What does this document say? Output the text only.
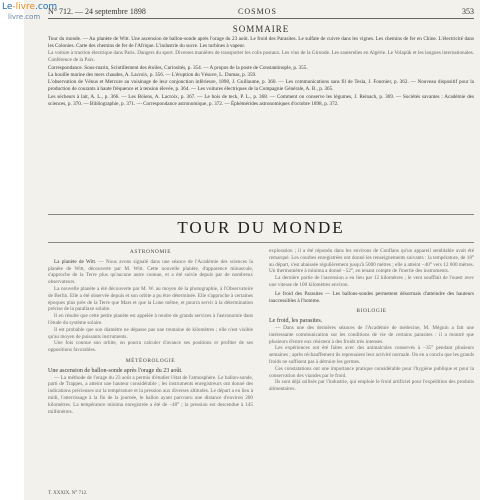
Le-livre.com
livre.com
N° 712. — 24 septembre 1898	COSMOS	353
SOMMAIRE

Tour du monde. — Au planète de Witt. Une ascension de ballon-sonde après l'orage du 23 août. Le froid des Parasites. Le sulfate de cuivre dans les vignes. Les chemins de fer en Chine. L'électricité dans les Colonies. Carte des chemins de fer de l'Afrique. L'industrie du sucre. Les turbines à vapeur.

La voiture à traction électrique dans Paris. Dangers du sport. Diverses manières de transporter les colis postaux. Les vins de la Gironde. Les sauterelles en Algérie. Le Volapük et les langues internationales. Conférence de la Paix.

Correspondance. Sous-marin, Scintillement des étoiles, Curiosités, p. 354. — A propos de la poste de Constantinople, p. 355.

La houille marine des mers chaudes, A. Lacroix, p. 356. — L'éruption du Vésuve, L. Dumas, p. 359.

L'observation de Vénus et Mercure au voisinage de leur conjonction inférieure, 1898, J. Guillaume, p. 360. — Les communications sans fil de Tesla, J. Fournier, p. 362. — Nouveau dispositif pour la production de courants à haute fréquence et à tension élevée, p. 364. — Les voitures électriques de la Compagnie Générale, A. B., p. 365.

Les sécheurs à lait, A. L., p. 366. — Les Boïens, A. Lacroix, p. 367. — Le bois de teck, P. L., p. 368. — Comment on conserve les légumes, J. Reinach, p. 369. — Sociétés savantes : Académie des sciences, p. 370. — Bibliographie, p. 371. — Correspondance astronomique, p. 372. — Éphémérides astronomiques d'octobre 1898, p. 372.

TOUR DU MONDE

ASTRONOMIE

La planète de Witt. — Nous avons signalé dans une séance de l'Académie des sciences la planète de Witt, découverte par M. Witt. Cette nouvelle planète, d'apparence minuscule, s'approche de la Terre plus qu'aucune autre connue, et a été suivie depuis par de nombreux observateurs.

La nouvelle planète a été découverte par M. W. au moyen de la photographie, à l'Observatoire de Berlin. Elle a été observée depuis et son orbite a pu être déterminée. Elle s'approche à certaines époques plus près de la Terre que Mars et que la Lune même, et pourra servir à la détermination précise de la parallaxe solaire.

Il en résulte que cette petite planète est appelée à rendre de grands services à l'astronomie dans l'étude du système solaire.

Il est probable que son diamètre ne dépasse pas une trentaine de kilomètres ; elle n'est visible qu'au moyen de puissants instruments.

Une fois connue son orbite, on pourra calculer d'avance ses positions et profiter de ses oppositions favorables.

MÉTÉOROLOGIE

Une ascension de ballon-sonde après l'orage du 23 août.

— La méthode de l'orage du 23 août a permis d'étudier l'état de l'atmosphère. Le ballon-sonde, parti de Trappes, a atteint une hauteur considérable ; les instruments enregistreurs ont donné des indications précieuses sur la température et la pression aux diverses altitudes. Le départ a eu lieu à midi, l'atterrissage à la fin de la journée, le ballon ayant parcouru une distance d'environ 200 kilomètres. La température minima enregistrée a été de −40° ; la pression est descendue à 145 millimètres.

exploration ; il a été répondu dans les environs de Conflans qu'un appareil semblable avait été remarqué. Les courbes enregistrées ont donné les renseignements suivants : la température, de 18° au départ, s'est abaissée régulièrement jusqu'à 5000 mètres ; elle a atteint −40° vers 12 000 mètres. Un thermomètre à minima a donné −52°, en tenant compte de l'inertie des instruments.

La dernière partie de l'ascension a eu lieu par 12 kilomètres ; le vent soufflait de l'ouest avec une vitesse de 100 kilomètres environ.

Le froid des Parasites — Les ballons-sondes permettent désormais d'atteindre des hauteurs inaccessibles à l'homme.

BIOLOGIE

Le froid, les parasites.

— Dans une des dernières séances de l'Académie de médecine, M. Mégnin a fait une intéressante communication sur les conditions de vie de certains parasites : il a montré que plusieurs d'entre eux résistent à des froids très intenses.

Les expériences ont été faites avec des animalcules conservés à −35° pendant plusieurs semaines ; après réchauffement ils reprenaient leur activité normale. On en a conclu que les grands froids ne suffisent pas à détruire les germes.

Ces constatations ont une importance pratique considérable pour l'hygiène publique et pour la conservation des viandes par le froid.

Ils sont déjà utilisés par l'industrie, qui emploie le froid artificiel pour l'expédition des produits alimentaires.

T. XXXIX. N° 712.
